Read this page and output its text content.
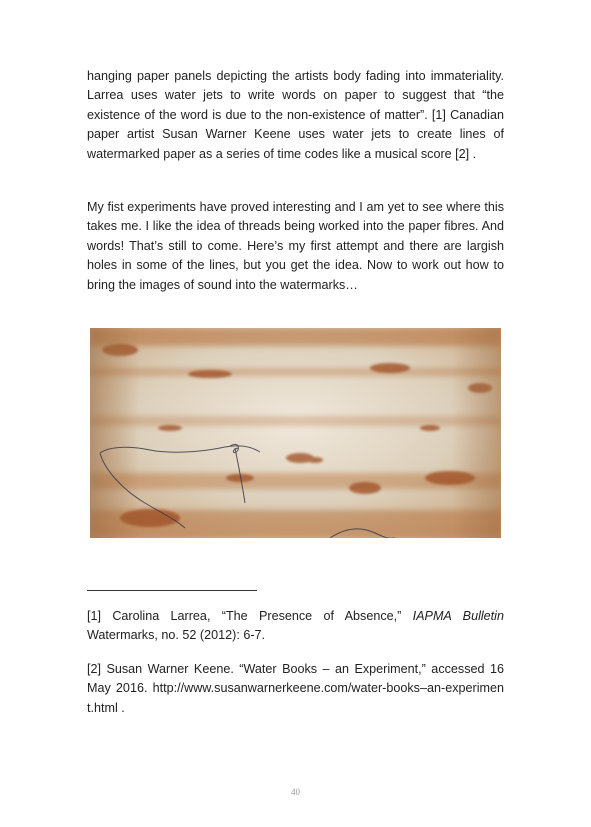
hanging paper panels depicting the artists body fading into immateriality. Larrea uses water jets to write words on paper to suggest that “the existence of the word is due to the non-existence of matter”. [1] Canadian paper artist Susan Warner Keene uses water jets to create lines of watermarked paper as a series of time codes like a musical score [2] .

My fist experiments have proved interesting and I am yet to see where this takes me. I like the idea of threads being worked into the paper fibres. And words! That’s still to come. Here’s my first attempt and there are largish holes in some of the lines, but you get the idea. Now to work out how to bring the images of sound into the watermarks…

[1] Carolina Larrea, “The Presence of Absence,” IAPMA Bulletin Watermarks, no. 52 (2012): 6-7.

[2] Susan Warner Keene. “Water Books – an Experiment,” accessed 16 May 2016. http://www.susanwarnerkeene.com/water-books–an-experiment.html .

40
